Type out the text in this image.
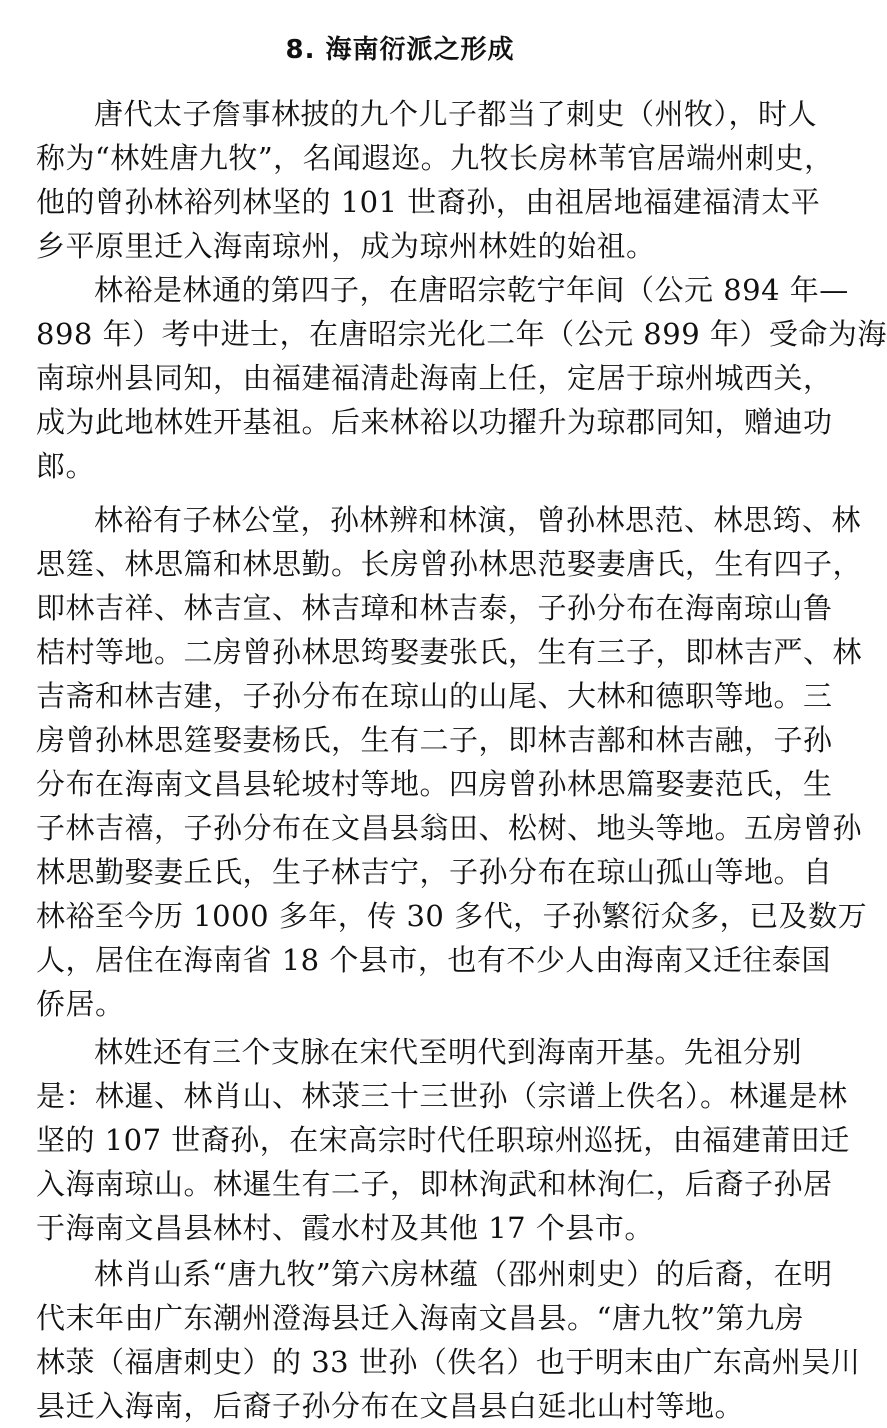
8. 海南衍派之形成
唐代太子詹事林披的九个儿子都当了刺史（州牧），时人
称为“林姓唐九牧”，名闻遐迩。九牧长房林苇官居端州刺史，
他的曾孙林裕列林坚的 101 世裔孙，由祖居地福建福清太平
乡平原里迁入海南琼州，成为琼州林姓的始祖。
林裕是林通的第四子，在唐昭宗乾宁年间（公元 894 年—
898 年）考中进士，在唐昭宗光化二年（公元 899 年）受命为海
南琼州县同知，由福建福清赴海南上任，定居于琼州城西关，
成为此地林姓开基祖。后来林裕以功擢升为琼郡同知，赠迪功
郎。
林裕有子林公堂，孙林辨和林演，曾孙林思范、林思筠、林
思筳、林思篇和林思勤。长房曾孙林思范娶妻唐氏，生有四子，
即林吉祥、林吉宣、林吉璋和林吉泰，子孙分布在海南琼山鲁
桔村等地。二房曾孙林思筠娶妻张氏，生有三子，即林吉严、林
吉斋和林吉建，子孙分布在琼山的山尾、大林和德职等地。三
房曾孙林思筳娶妻杨氏，生有二子，即林吉鄯和林吉融，子孙
分布在海南文昌县轮坡村等地。四房曾孙林思篇娶妻范氏，生
子林吉禧，子孙分布在文昌县翁田、松树、地头等地。五房曾孙
林思勤娶妻丘氏，生子林吉宁，子孙分布在琼山孤山等地。自
林裕至今历 1000 多年，传 30 多代，子孙繁衍众多，已及数万
人，居住在海南省 18 个县市，也有不少人由海南又迁往泰国
侨居。
林姓还有三个支脉在宋代至明代到海南开基。先祖分别
是：林暹、林肖山、林莍三十三世孙（宗谱上佚名）。林暹是林
坚的 107 世裔孙，在宋高宗时代任职琼州巡抚，由福建莆田迁
入海南琼山。林暹生有二子，即林洵武和林洵仁，后裔子孙居
于海南文昌县林村、霞水村及其他 17 个县市。
林肖山系“唐九牧”第六房林蕴（邵州刺史）的后裔，在明
代末年由广东潮州澄海县迁入海南文昌县。“唐九牧”第九房
林莍（福唐刺史）的 33 世孙（佚名）也于明末由广东高州吴川
县迁入海南，后裔子孙分布在文昌县白延北山村等地。
